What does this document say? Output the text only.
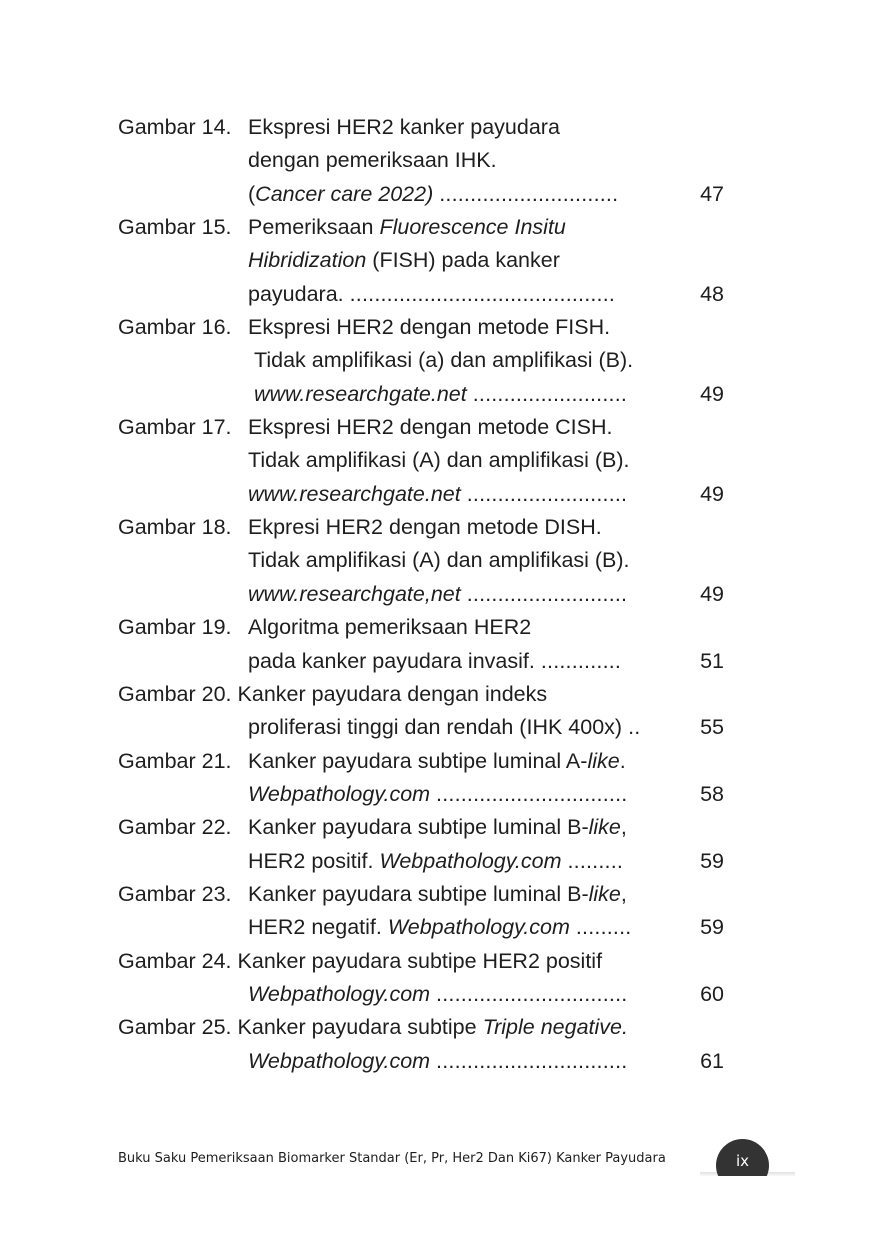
Gambar 14. Ekspresi HER2 kanker payudara
dengan pemeriksaan IHK.
(Cancer care 2022) .............................	47
Gambar 15. Pemeriksaan Fluorescence Insitu
Hibridization (FISH) pada kanker
payudara. ...........................................	48
Gambar 16. Ekspresi HER2 dengan metode FISH.
Tidak amplifikasi (a) dan amplifikasi (B).
www.researchgate.net .........................	49
Gambar 17. Ekspresi HER2 dengan metode CISH.
Tidak amplifikasi (A) dan amplifikasi (B).
www.researchgate.net ..........................	49
Gambar 18. Ekpresi HER2 dengan metode DISH.
Tidak amplifikasi (A) dan amplifikasi (B).
www.researchgate,net ..........................	49
Gambar 19. Algoritma pemeriksaan HER2
pada kanker payudara invasif. .............	51
Gambar 20. Kanker payudara dengan indeks
proliferasi tinggi dan rendah (IHK 400x) ..	55
Gambar 21. Kanker payudara subtipe luminal A-like.
Webpathology.com ...............................	58
Gambar 22. Kanker payudara subtipe luminal B-like,
HER2 positif. Webpathology.com .........	59
Gambar 23. Kanker payudara subtipe luminal B-like,
HER2 negatif. Webpathology.com .........	59
Gambar 24. Kanker payudara subtipe HER2 positif
Webpathology.com ...............................	60
Gambar 25. Kanker payudara subtipe Triple negative.
Webpathology.com ...............................	61
Buku Saku Pemeriksaan Biomarker Standar (Er, Pr, Her2 Dan Ki67) Kanker Payudara	ix
